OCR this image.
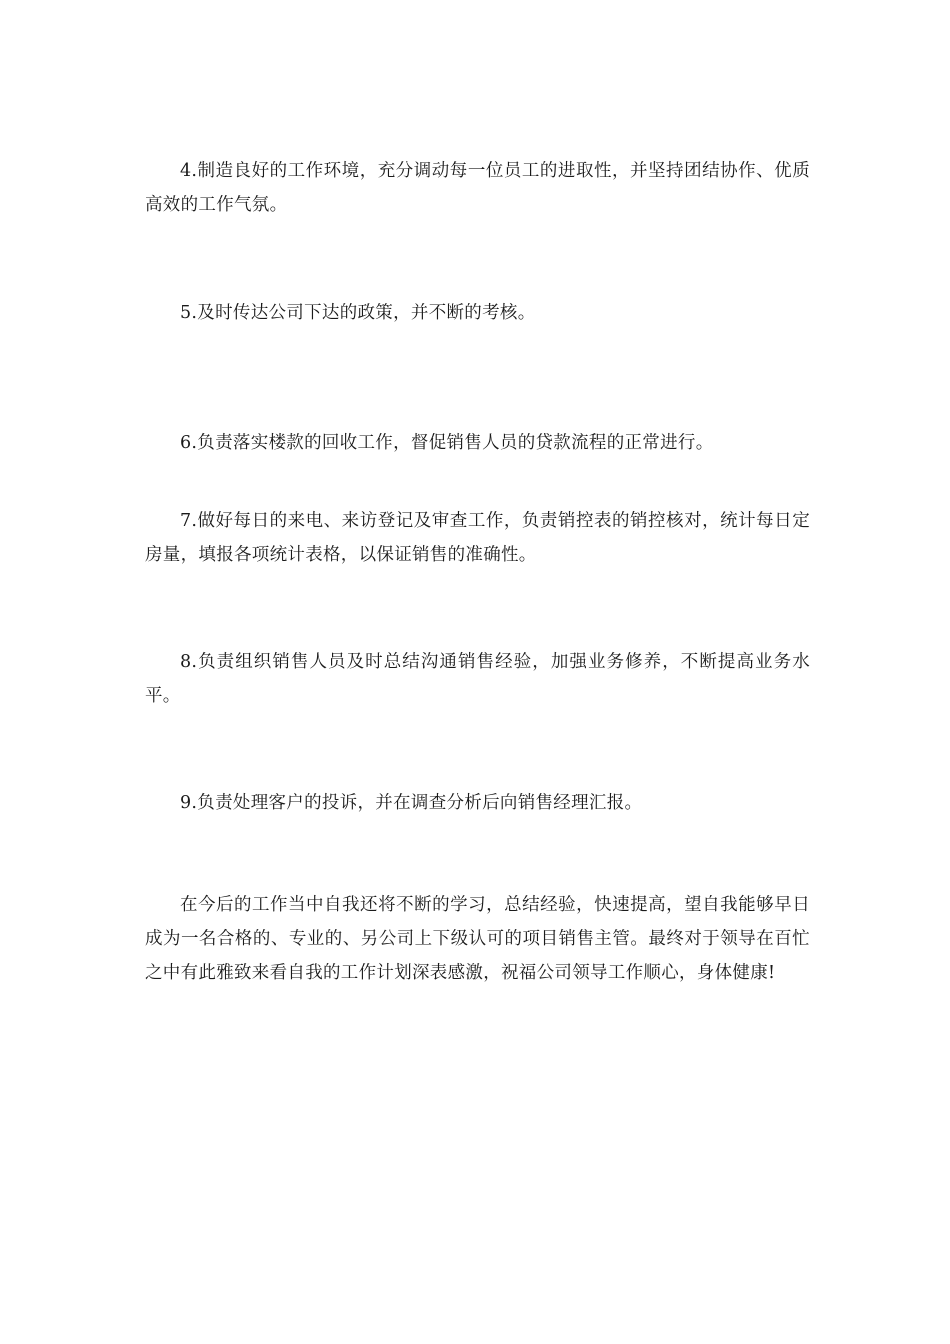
4.制造良好的工作环境，充分调动每一位员工的进取性，并坚持团结协作、优质高效的工作气氛。

5.及时传达公司下达的政策，并不断的考核。

6.负责落实楼款的回收工作，督促销售人员的贷款流程的正常进行。

7.做好每日的来电、来访登记及审查工作，负责销控表的销控核对，统计每日定房量，填报各项统计表格，以保证销售的准确性。

8.负责组织销售人员及时总结沟通销售经验，加强业务修养，不断提高业务水平。

9.负责处理客户的投诉，并在调查分析后向销售经理汇报。

在今后的工作当中自我还将不断的学习，总结经验，快速提高，望自我能够早日成为一名合格的、专业的、另公司上下级认可的项目销售主管。最终对于领导在百忙之中有此雅致来看自我的工作计划深表感激，祝福公司领导工作顺心，身体健康!
